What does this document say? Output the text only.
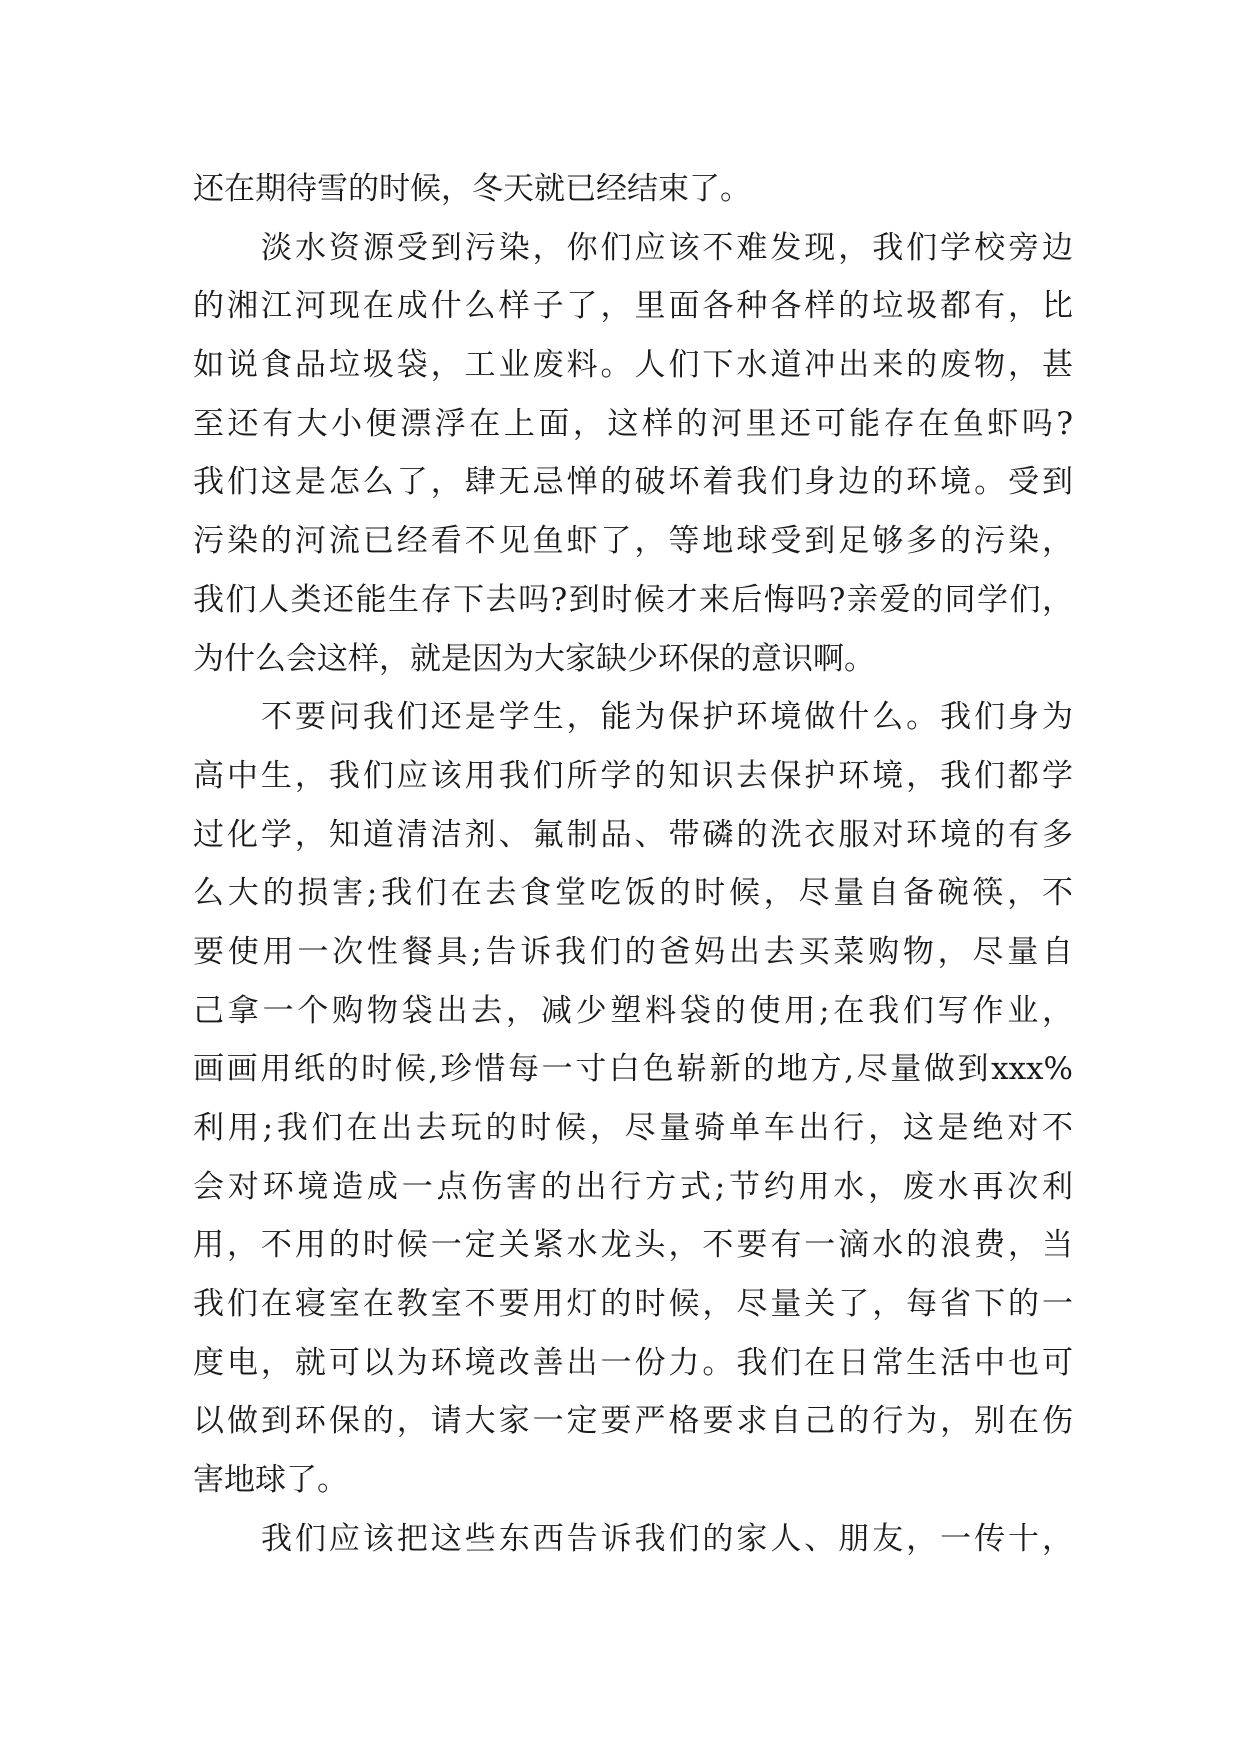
还在期待雪的时候，冬天就已经结束了。
淡水资源受到污染，你们应该不难发现，我们学校旁边
的湘江河现在成什么样子了，里面各种各样的垃圾都有，比
如说食品垃圾袋，工业废料。人们下水道冲出来的废物，甚
至还有大小便漂浮在上面，这样的河里还可能存在鱼虾吗?
我们这是怎么了，肆无忌惮的破坏着我们身边的环境。受到
污染的河流已经看不见鱼虾了，等地球受到足够多的污染，
我们人类还能生存下去吗?到时候才来后悔吗?亲爱的同学们，
为什么会这样，就是因为大家缺少环保的意识啊。
不要问我们还是学生，能为保护环境做什么。我们身为
高中生，我们应该用我们所学的知识去保护环境，我们都学
过化学，知道清洁剂、氟制品、带磷的洗衣服对环境的有多
么大的损害;我们在去食堂吃饭的时候，尽量自备碗筷，不
要使用一次性餐具;告诉我们的爸妈出去买菜购物，尽量自
己拿一个购物袋出去，减少塑料袋的使用;在我们写作业，
画画用纸的时候,珍惜每一寸白色崭新的地方,尽量做到xxx%
利用;我们在出去玩的时候，尽量骑单车出行，这是绝对不
会对环境造成一点伤害的出行方式;节约用水，废水再次利
用，不用的时候一定关紧水龙头，不要有一滴水的浪费，当
我们在寝室在教室不要用灯的时候，尽量关了，每省下的一
度电，就可以为环境改善出一份力。我们在日常生活中也可
以做到环保的，请大家一定要严格要求自己的行为，别在伤
害地球了。
我们应该把这些东西告诉我们的家人、朋友，一传十，
